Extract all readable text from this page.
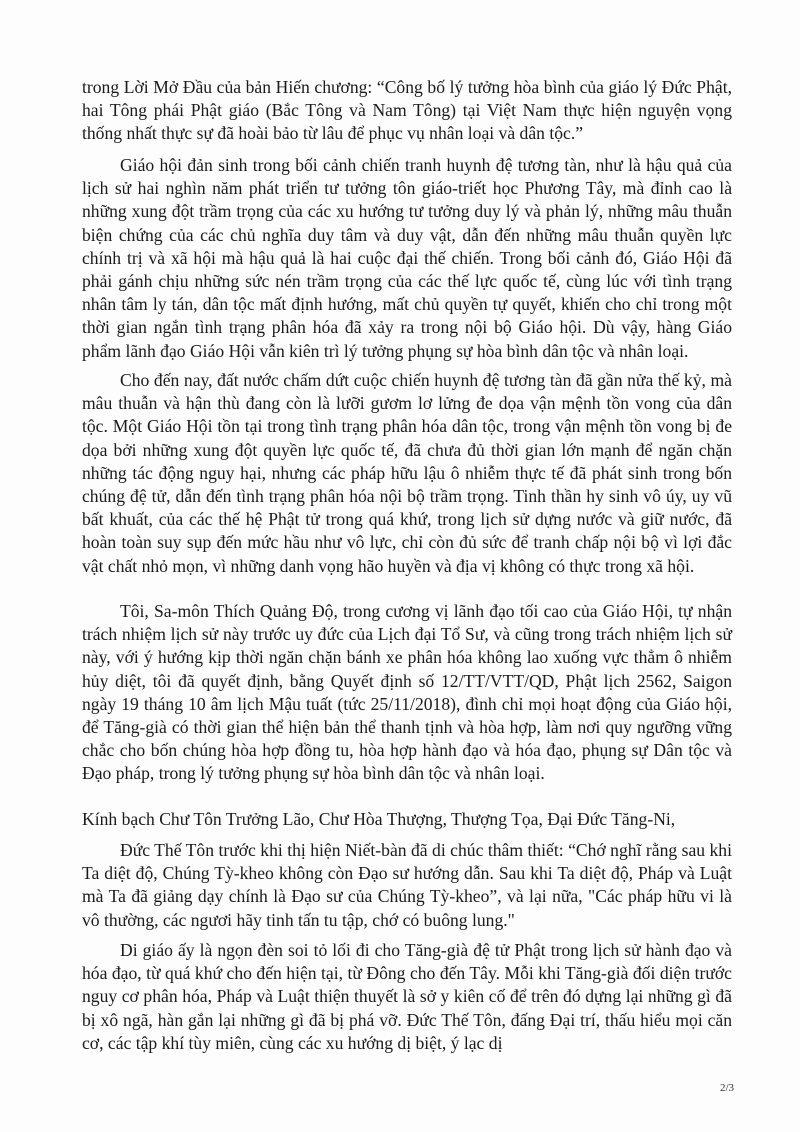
trong Lời Mở Đầu của bản Hiến chương: “Công bố lý tưởng hòa bình của giáo lý Đức Phật, hai Tông phái Phật giáo (Bắc Tông và Nam Tông) tại Việt Nam thực hiện nguyện vọng thống nhất thực sự đã hoài bảo từ lâu để phục vụ nhân loại và dân tộc.”

Giáo hội đản sinh trong bối cảnh chiến tranh huynh đệ tương tàn, như là hậu quả của lịch sử hai nghìn năm phát triển tư tưởng tôn giáo-triết học Phương Tây, mà đỉnh cao là những xung đột trầm trọng của các xu hướng tư tưởng duy lý và phản lý, những mâu thuẫn biện chứng của các chủ nghĩa duy tâm và duy vật, dẫn đến những mâu thuẫn quyền lực chính trị và xã hội mà hậu quả là hai cuộc đại thế chiến. Trong bối cảnh đó, Giáo Hội đã phải gánh chịu những sức nén trầm trọng của các thế lực quốc tế, cùng lúc với tình trạng nhân tâm ly tán, dân tộc mất định hướng, mất chủ quyền tự quyết, khiến cho chỉ trong một thời gian ngắn tình trạng phân hóa đã xảy ra trong nội bộ Giáo hội. Dù vậy, hàng Giáo phẩm lãnh đạo Giáo Hội vẫn kiên trì lý tưởng phụng sự hòa bình dân tộc và nhân loại.

Cho đến nay, đất nước chấm dứt cuộc chiến huynh đệ tương tàn đã gần nửa thế kỷ, mà mâu thuẫn và hận thù đang còn là lưỡi gươm lơ lửng đe dọa vận mệnh tồn vong của dân tộc. Một Giáo Hội tồn tại trong tình trạng phân hóa dân tộc, trong vận mệnh tồn vong bị đe dọa bởi những xung đột quyền lực quốc tế, đã chưa đủ thời gian lớn mạnh để ngăn chặn những tác động nguy hại, nhưng các pháp hữu lậu ô nhiễm thực tế đã phát sinh trong bốn chúng đệ tử, dẫn đến tình trạng phân hóa nội bộ trầm trọng. Tinh thần hy sinh vô úy, uy vũ bất khuất, của các thế hệ Phật tử trong quá khứ, trong lịch sử dựng nước và giữ nước, đã hoàn toàn suy sụp đến mức hầu như vô lực, chỉ còn đủ sức để tranh chấp nội bộ vì lợi đắc vật chất nhỏ mọn, vì những danh vọng hão huyền và địa vị không có thực trong xã hội.

Tôi, Sa-môn Thích Quảng Độ, trong cương vị lãnh đạo tối cao của Giáo Hội, tự nhận trách nhiệm lịch sử này trước uy đức của Lịch đại Tổ Sư, và cũng trong trách nhiệm lịch sử này, với ý hướng kịp thời ngăn chặn bánh xe phân hóa không lao xuống vực thẳm ô nhiễm hủy diệt, tôi đã quyết định, bằng Quyết định số 12/TT/VTT/QD, Phật lịch 2562, Saigon ngày 19 tháng 10 âm lịch Mậu tuất (tức 25/11/2018), đình chỉ mọi hoạt động của Giáo hội, để Tăng-già có thời gian thể hiện bản thể thanh tịnh và hòa hợp, làm nơi quy ngưỡng vững chắc cho bốn chúng hòa hợp đồng tu, hòa hợp hành đạo và hóa đạo, phụng sự Dân tộc và Đạo pháp, trong lý tưởng phụng sự hòa bình dân tộc và nhân loại.

Kính bạch Chư Tôn Trưởng Lão, Chư Hòa Thượng, Thượng Tọa, Đại Đức Tăng-Ni,

Đức Thế Tôn trước khi thị hiện Niết-bàn đã di chúc thâm thiết: “Chớ nghĩ rằng sau khi Ta diệt độ, Chúng Tỳ-kheo không còn Đạo sư hướng dẫn. Sau khi Ta diệt độ, Pháp và Luật mà Ta đã giảng dạy chính là Đạo sư của Chúng Tỳ-kheo”, và lại nữa, "Các pháp hữu vi là vô thường, các ngươi hãy tinh tấn tu tập, chớ có buông lung."

Di giáo ấy là ngọn đèn soi tỏ lối đi cho Tăng-già đệ tử Phật trong lịch sử hành đạo và hóa đạo, từ quá khứ cho đến hiện tại, từ Đông cho đến Tây. Mỗi khi Tăng-già đối diện trước nguy cơ phân hóa, Pháp và Luật thiện thuyết là sở y kiên cố để trên đó dựng lại những gì đã bị xô ngã, hàn gắn lại những gì đã bị phá vỡ. Đức Thế Tôn, đấng Đại trí, thấu hiểu mọi căn cơ, các tập khí tùy miên, cùng các xu hướng dị biệt, ý lạc dị

2/3
